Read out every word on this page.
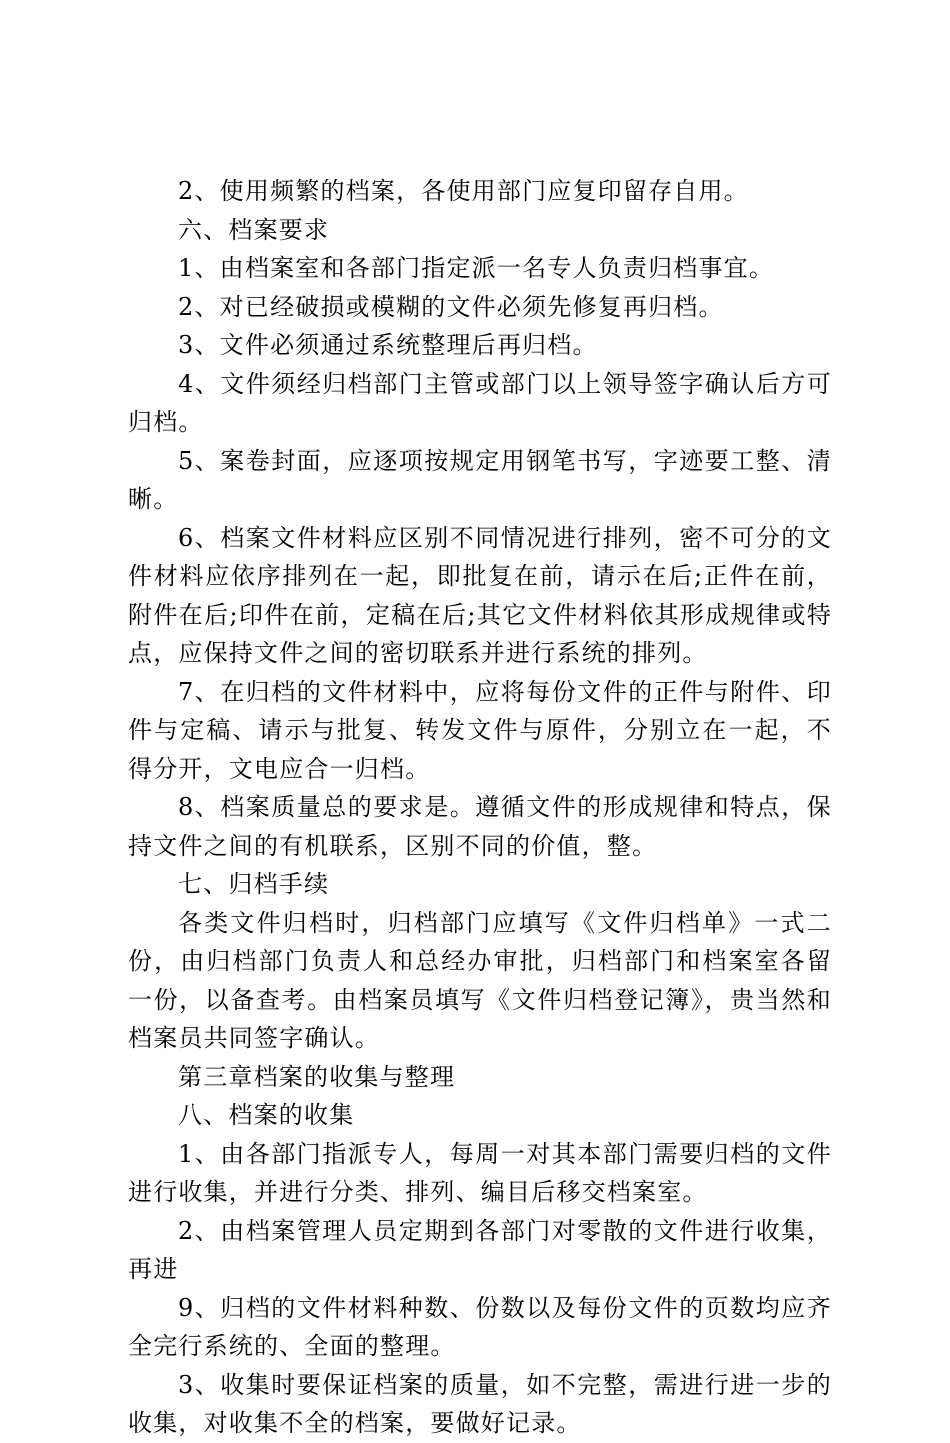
2、使用频繁的档案，各使用部门应复印留存自用。

六、档案要求

1、由档案室和各部门指定派一名专人负责归档事宜。

2、对已经破损或模糊的文件必须先修复再归档。

3、文件必须通过系统整理后再归档。

4、文件须经归档部门主管或部门以上领导签字确认后方可归档。

5、案卷封面，应逐项按规定用钢笔书写，字迹要工整、清晰。

6、档案文件材料应区别不同情况进行排列，密不可分的文件材料应依序排列在一起，即批复在前，请示在后;正件在前，附件在后;印件在前，定稿在后;其它文件材料依其形成规律或特点，应保持文件之间的密切联系并进行系统的排列。

7、在归档的文件材料中，应将每份文件的正件与附件、印件与定稿、请示与批复、转发文件与原件，分别立在一起，不得分开，文电应合一归档。

8、档案质量总的要求是。遵循文件的形成规律和特点，保持文件之间的有机联系，区别不同的价值，整。

七、归档手续

各类文件归档时，归档部门应填写《文件归档单》一式二份，由归档部门负责人和总经办审批，归档部门和档案室各留一份，以备查考。由档案员填写《文件归档登记簿》，贵当然和档案员共同签字确认。

第三章档案的收集与整理

八、档案的收集

1、由各部门指派专人，每周一对其本部门需要归档的文件进行收集，并进行分类、排列、编目后移交档案室。

2、由档案管理人员定期到各部门对零散的文件进行收集，再进

9、归档的文件材料种数、份数以及每份文件的页数均应齐全完行系统的、全面的整理。

3、收集时要保证档案的质量，如不完整，需进行进一步的收集，对收集不全的档案，要做好记录。
